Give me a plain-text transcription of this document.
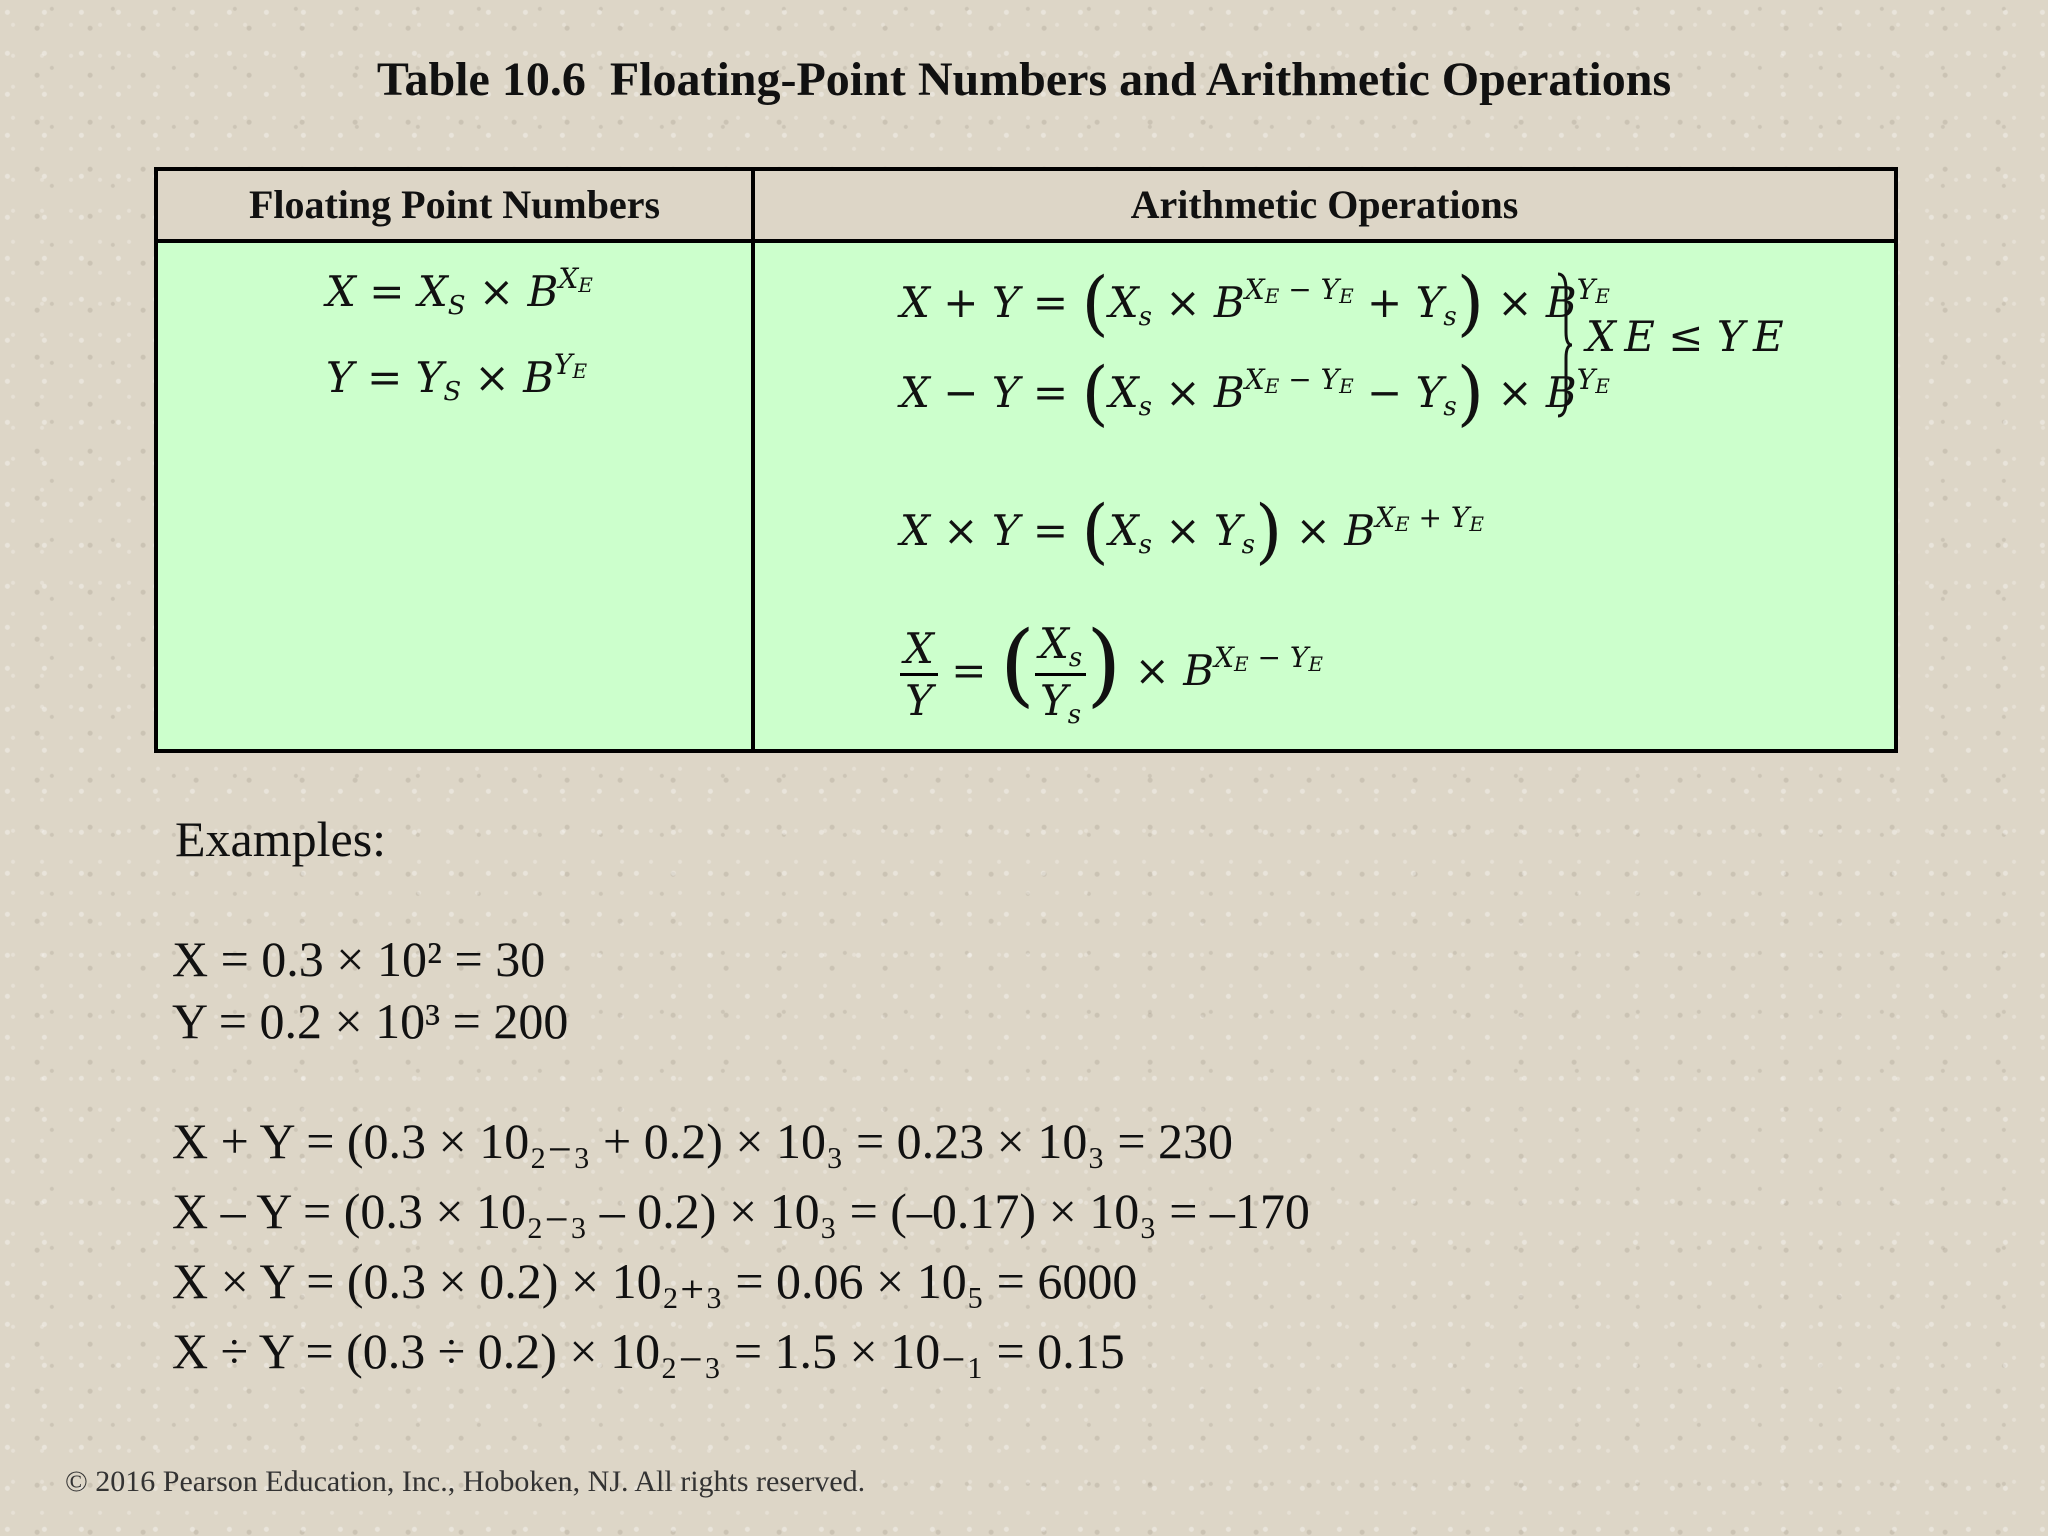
Table 10.6  Floating-Point Numbers and Arithmetic Operations
Floating Point Numbers	Arithmetic Operations
$X = X_S \times B^{X_E}$
$Y = Y_S \times B^{Y_E}$
$X + Y = (X_s \times B^{X_E - Y_E} + Y_s) \times B^{Y_E}$
$X - Y = (X_s \times B^{X_E - Y_E} - Y_s) \times B^{Y_E}$
X E ≤ Y E
$X \times Y = (X_s \times Y_s) \times B^{X_E + Y_E}$
$\frac{X}{Y}$ = ( $\frac{X_s}{Y_s}$ ) × $B^{X_E - Y_E}$
Examples:
X = 0.3 × 10² = 30
Y = 0.2 × 10³ = 200
X + Y = (0.3 × 10₂₋₃ + 0.2) × 10₃ = 0.23 × 10₃ = 230
X – Y = (0.3 × 10₂₋₃ – 0.2) × 10₃ = (–0.17) × 10₃ = –170
X × Y = (0.3 × 0.2) × 10₂₊₃ = 0.06 × 10₅ = 6000
X ÷ Y = (0.3 ÷ 0.2) × 10₂₋₃ = 1.5 × 10₋₁ = 0.15
© 2016 Pearson Education, Inc., Hoboken, NJ. All rights reserved.
